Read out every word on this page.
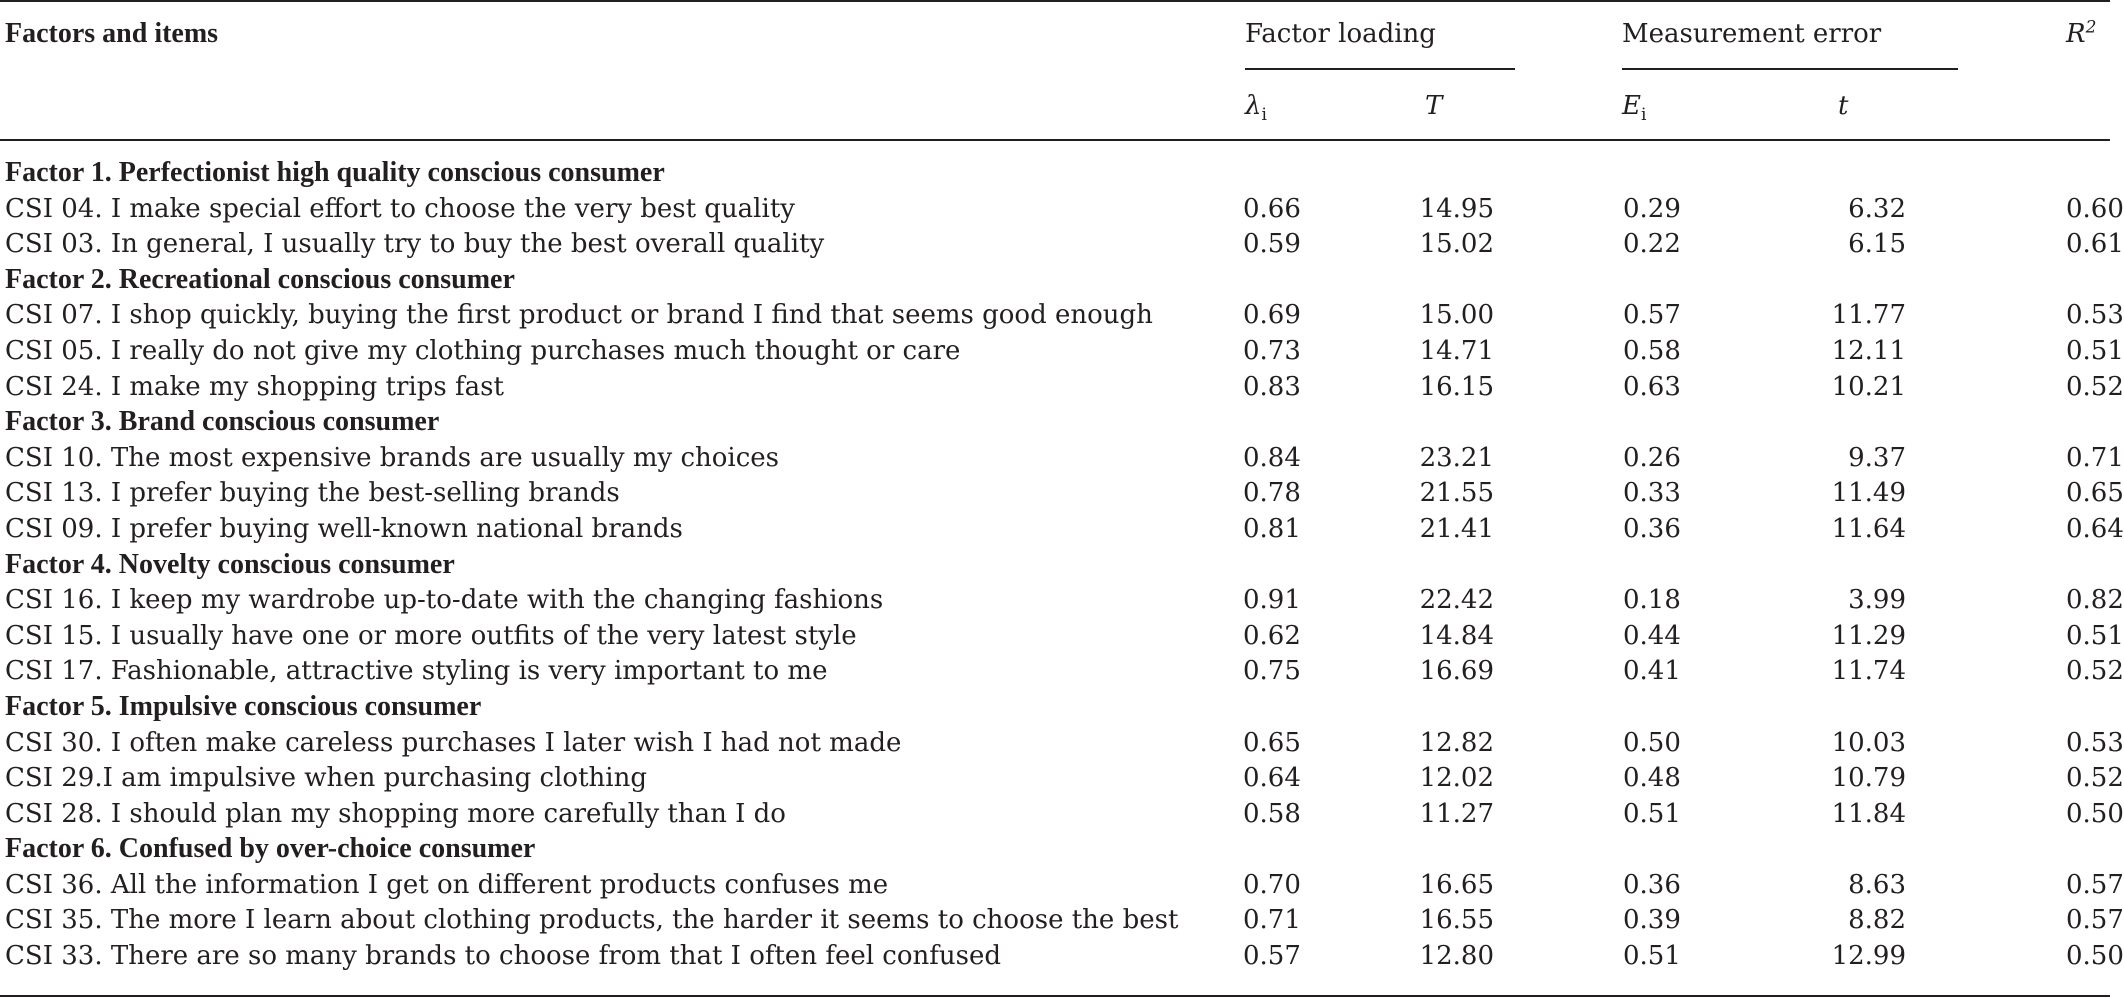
Factors and items	Factor loading	Measurement error	$R^2$
$\lambda_i$	T	$E_i$	t
Factor 1. Perfectionist high quality conscious consumer
CSI 04. I make special effort to choose the very best quality	0.66	14.95	0.29	6.32	0.60
CSI 03. In general, I usually try to buy the best overall quality	0.59	15.02	0.22	6.15	0.61
Factor 2. Recreational conscious consumer
CSI 07. I shop quickly, buying the first product or brand I find that seems good enough	0.69	15.00	0.57	11.77	0.53
CSI 05. I really do not give my clothing purchases much thought or care	0.73	14.71	0.58	12.11	0.51
CSI 24. I make my shopping trips fast	0.83	16.15	0.63	10.21	0.52
Factor 3. Brand conscious consumer
CSI 10. The most expensive brands are usually my choices	0.84	23.21	0.26	9.37	0.71
CSI 13. I prefer buying the best-selling brands	0.78	21.55	0.33	11.49	0.65
CSI 09. I prefer buying well-known national brands	0.81	21.41	0.36	11.64	0.64
Factor 4. Novelty conscious consumer
CSI 16. I keep my wardrobe up-to-date with the changing fashions	0.91	22.42	0.18	3.99	0.82
CSI 15. I usually have one or more outfits of the very latest style	0.62	14.84	0.44	11.29	0.51
CSI 17. Fashionable, attractive styling is very important to me	0.75	16.69	0.41	11.74	0.52
Factor 5. Impulsive conscious consumer
CSI 30. I often make careless purchases I later wish I had not made	0.65	12.82	0.50	10.03	0.53
CSI 29.I am impulsive when purchasing clothing	0.64	12.02	0.48	10.79	0.52
CSI 28. I should plan my shopping more carefully than I do	0.58	11.27	0.51	11.84	0.50
Factor 6. Confused by over-choice consumer
CSI 36. All the information I get on different products confuses me	0.70	16.65	0.36	8.63	0.57
CSI 35. The more I learn about clothing products, the harder it seems to choose the best 0.71	16.55	0.39	8.82	0.57
CSI 33. There are so many brands to choose from that I often feel confused	0.57	12.80	0.51	12.99	0.50
